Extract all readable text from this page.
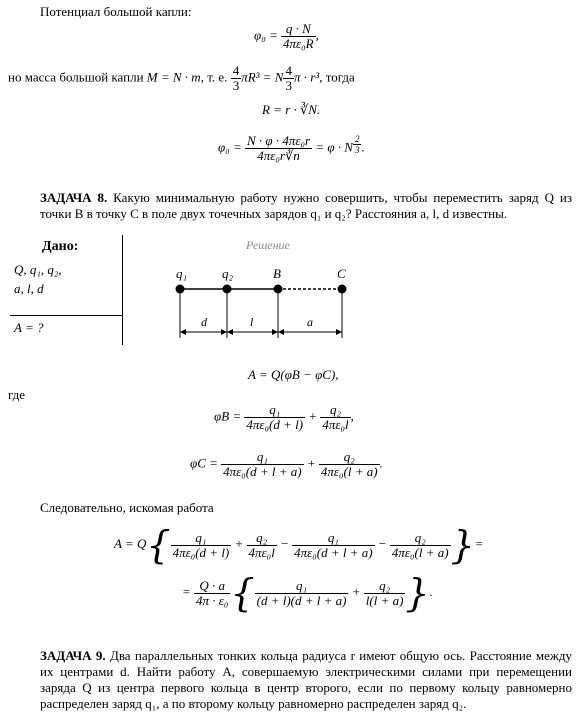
Потенциал большой капли:
$\varphi_0 = \frac{q \cdot N}{\text{4πε₀R}}$ ,
но масса большой капли M = N · m, т. е. $\frac{4}{3} \pi R^3 = N \frac{4}{3}$ π · r³, тогда
R = r · ∛N.
$\varphi_0 = \frac{\text{N · φ · 4πε₀r}}{\text{4πε₀r∛n}} = \varphi \cdot N \frac{2}{3}$ .
ЗАДАЧА 8. Какую минимальную работу нужно совершить, чтобы переместить заряд Q из точки B в точку C в поле двух точечных зарядов q₁ и q₂? Расстояния a, l, d известны.
Дано:
Q, q₁, q₂,
a, l, d
A = ?
Решение
q₁	q₂	B	C
d	l	a
A = Q(φB − φC),
где
$\varphi B = \frac{\text{q₁}}{\text{4πε₀(d + l)}} + \frac{\text{q₂}}{\text{4πε₀l}}$ ,
$\varphi C = \frac{\text{q₁}}{\text{4πε₀(d + l + a)}} + \frac{\text{q₂}}{\text{4πε₀(l + a)}}$ .
Следовательно, искомая работа
$A = Q\{ \frac{\text{q₁}}{\text{4πε₀(d + l)}} + \frac{\text{q₂}}{\text{4πε₀l}} - \frac{\text{q₁}}{\text{4πε₀(d + l + a)}} - \frac{\text{q₂}}{\text{4πε₀(l + a)}}$ }=
= $\frac{Q \cdot a}{\text{4π · ε₀}}$ { $\frac{\text{q₁}}{(d + l)(d + l + a)} + \frac{\text{q₂}}{l(l + a)}$ }.
ЗАДАЧА 9. Два параллельных тонких кольца радиуса r имеют общую ось. Расстояние между их центрами d. Найти работу A, совершаемую электрическими силами при перемещении заряда Q из центра первого кольца в центр второго, если по первому кольцу равномерно распределен заряд q₁, а по второму кольцу равномерно распределен заряд q₂.
